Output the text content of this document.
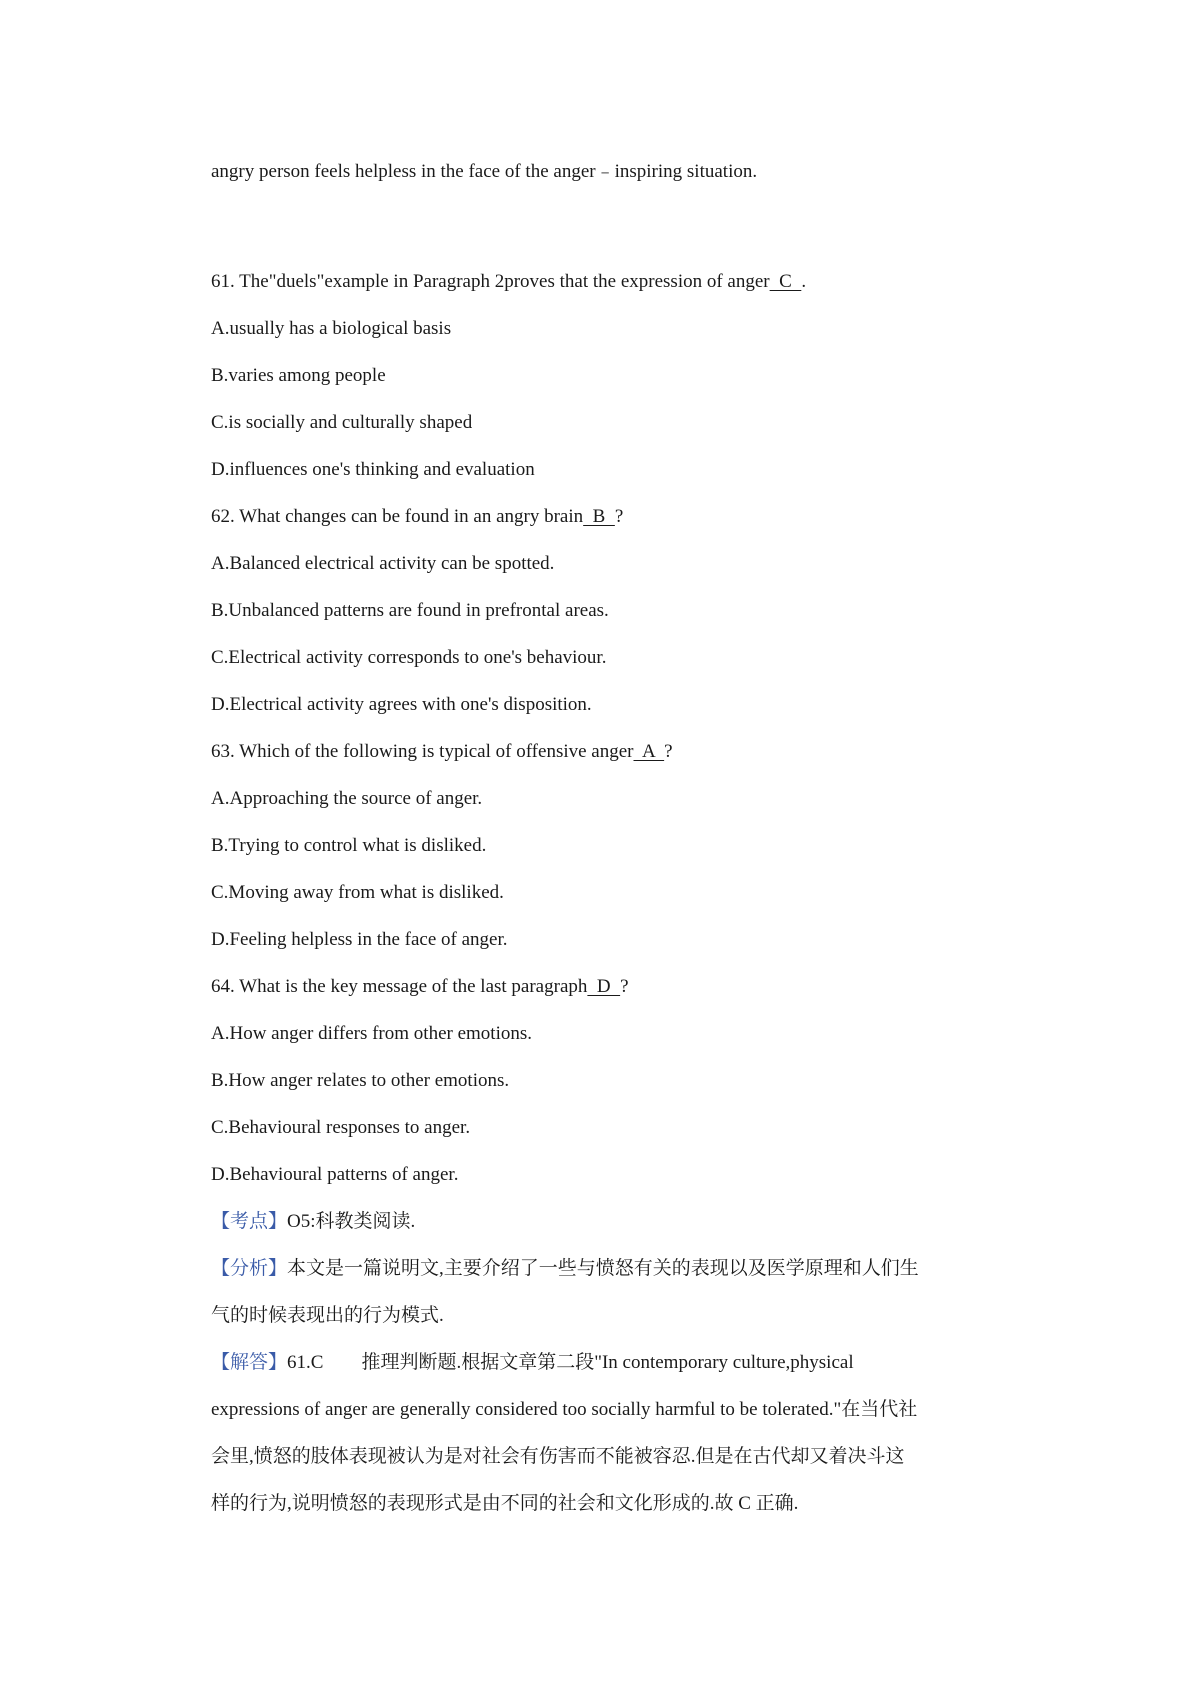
angry person feels helpless in the face of the anger﹣inspiring situation.
61. The"duels"example in Paragraph 2proves that the expression of anger  C  .
A.usually has a biological basis
B.varies among people
C.is socially and culturally shaped
D.influences one's thinking and evaluation
62. What changes can be found in an angry brain  B  ?
A.Balanced electrical activity can be spotted.
B.Unbalanced patterns are found in prefrontal areas.
C.Electrical activity corresponds to one's behaviour.
D.Electrical activity agrees with one's disposition.
63. Which of the following is typical of offensive anger  A  ?
A.Approaching the source of anger.
B.Trying to control what is disliked.
C.Moving away from what is disliked.
D.Feeling helpless in the face of anger.
64. What is the key message of the last paragraph  D  ?
A.How anger differs from other emotions.
B.How anger relates to other emotions.
C.Behavioural responses to anger.
D.Behavioural patterns of anger.
【考点】O5:科教类阅读.
【分析】本文是一篇说明文,主要介绍了一些与愤怒有关的表现以及医学原理和人们生
气的时候表现出的行为模式.
【解答】61.C        推理判断题.根据文章第二段"In contemporary culture,physical
expressions of anger are generally considered too socially harmful to be tolerated."在当代社
会里,愤怒的肢体表现被认为是对社会有伤害而不能被容忍.但是在古代却又着决斗这
样的行为,说明愤怒的表现形式是由不同的社会和文化形成的.故 C 正确.
